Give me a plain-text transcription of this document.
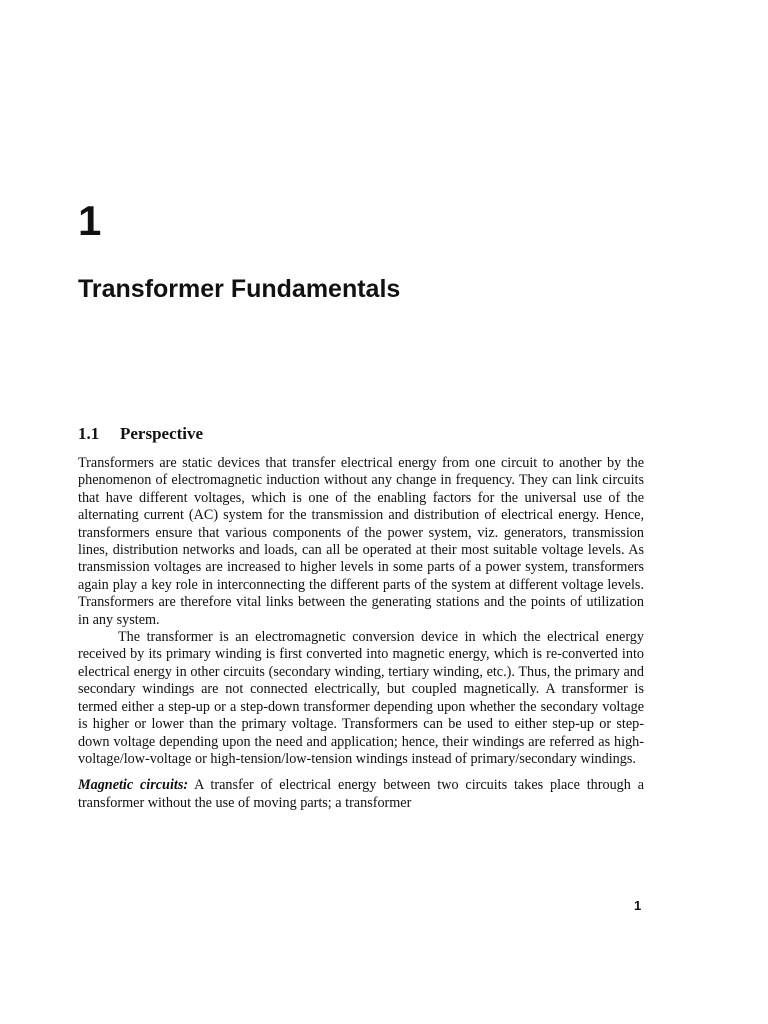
1
Transformer Fundamentals
1.1 Perspective

Transformers are static devices that transfer electrical energy from one circuit to another by the phenomenon of electromagnetic induction without any change in frequency. They can link circuits that have different voltages, which is one of the enabling factors for the universal use of the alternating current (AC) system for the transmission and distribution of electrical energy. Hence, transformers ensure that various components of the power system, viz. generators, transmission lines, distribution networks and loads, can all be operated at their most suitable voltage levels. As transmission voltages are increased to higher levels in some parts of a power system, transformers again play a key role in interconnecting the different parts of the system at different voltage levels. Transformers are therefore vital links between the generating stations and the points of utilization in any system.

The transformer is an electromagnetic conversion device in which the electrical energy received by its primary winding is first converted into magnetic energy, which is re-converted into electrical energy in other circuits (secondary winding, tertiary winding, etc.). Thus, the primary and secondary windings are not connected electrically, but coupled magnetically. A transformer is termed either a step-up or a step-down transformer depending upon whether the secondary voltage is higher or lower than the primary voltage. Transformers can be used to either step-up or step-down voltage depending upon the need and application; hence, their windings are referred as high-voltage/low-voltage or high-tension/low-tension windings instead of primary/secondary windings.

Magnetic circuits: A transfer of electrical energy between two circuits takes place through a transformer without the use of moving parts; a transformer

1
